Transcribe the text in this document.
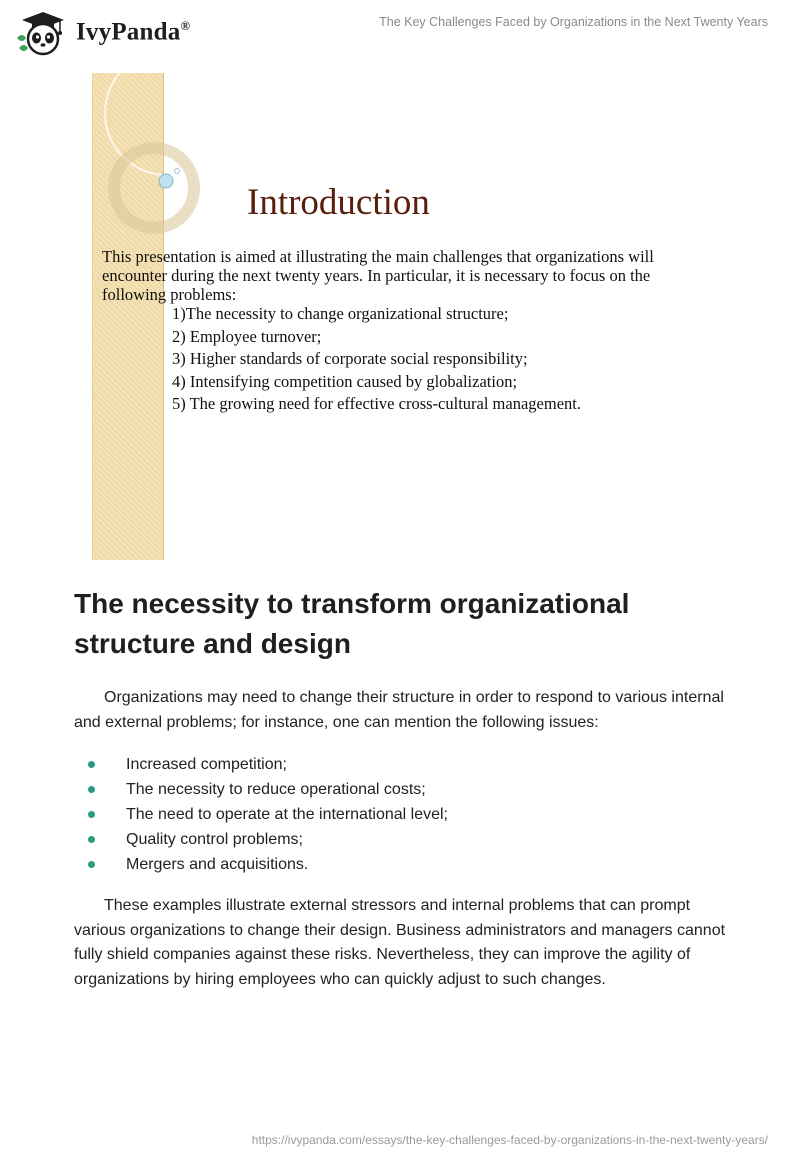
IvyPanda®	The Key Challenges Faced by Organizations in the Next Twenty Years
Introduction
This presentation is aimed at illustrating the main challenges that organizations will encounter during the next twenty years. In particular, it is necessary to focus on the following problems:
1)The necessity to change organizational structure;
2) Employee turnover;
3) Higher standards of corporate social responsibility;
4) Intensifying competition caused by globalization;
5) The growing need for effective cross-cultural management.
The necessity to transform organizational structure and design

Organizations may need to change their structure in order to respond to various internal and external problems; for instance, one can mention the following issues:

Increased competition;
The necessity to reduce operational costs;
The need to operate at the international level;
Quality control problems;
Mergers and acquisitions.

These examples illustrate external stressors and internal problems that can prompt various organizations to change their design. Business administrators and managers cannot fully shield companies against these risks. Nevertheless, they can improve the agility of organizations by hiring employees who can quickly adjust to such changes.

https://ivypanda.com/essays/the-key-challenges-faced-by-organizations-in-the-next-twenty-years/
